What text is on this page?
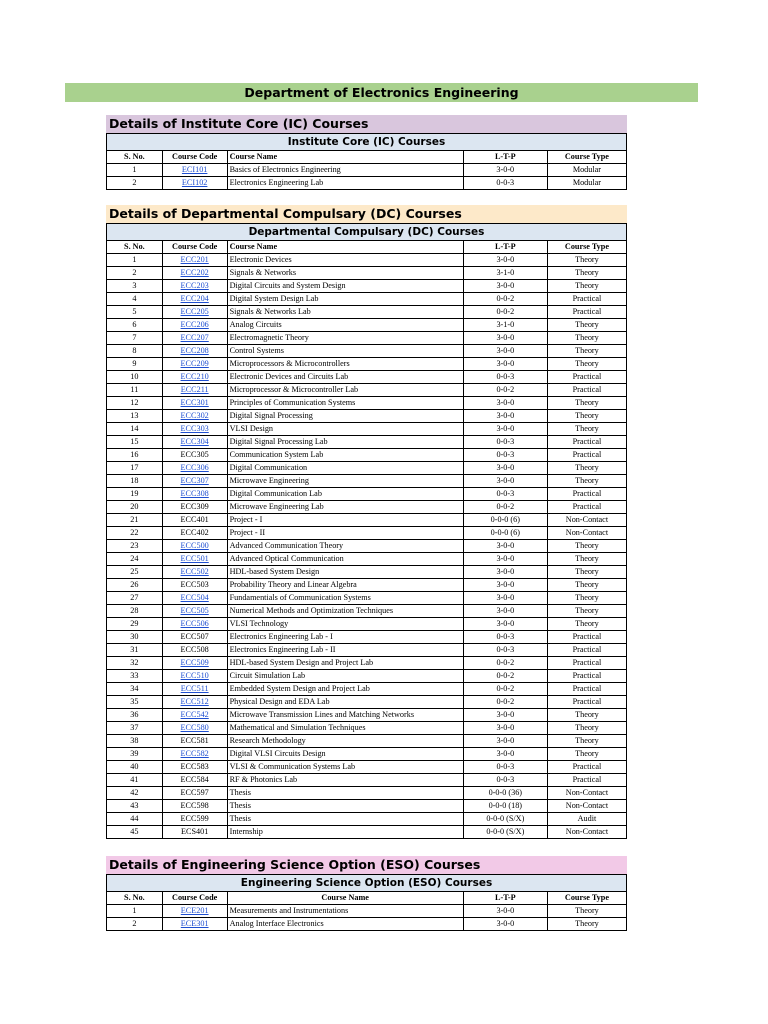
Department of Electronics Engineering
Details of Institute Core (IC) Courses
Institute Core (IC) Courses				
S. No.	Course Code	Course Name	L-T-P	Course Type
1	ECI101	Basics of Electronics Engineering	3-0-0	Modular
2	ECI102	Electronics Engineering Lab	0-0-3	Modular
Details of Departmental Compulsary (DC) Courses
Departmental Compulsary (DC) Courses				
S. No.	Course Code	Course Name	L-T-P	Course Type
1	ECC201	Electronic Devices	3-0-0	Theory
2	ECC202	Signals & Networks	3-1-0	Theory
3	ECC203	Digital Circuits and System Design	3-0-0	Theory
4	ECC204	Digital System Design Lab	0-0-2	Practical
5	ECC205	Signals & Networks Lab	0-0-2	Practical
6	ECC206	Analog Circuits	3-1-0	Theory
7	ECC207	Electromagnetic Theory	3-0-0	Theory
8	ECC208	Control Systems	3-0-0	Theory
9	ECC209	Microprocessors & Microcontrollers	3-0-0	Theory
10	ECC210	Electronic Devices and Circuits Lab	0-0-3	Practical
11	ECC211	Microprocessor & Microcontroller Lab	0-0-2	Practical
12	ECC301	Principles of Communication Systems	3-0-0	Theory
13	ECC302	Digital Signal Processing	3-0-0	Theory
14	ECC303	VLSI Design	3-0-0	Theory
15	ECC304	Digital Signal Processing Lab	0-0-3	Practical
16	ECC305	Communication System Lab	0-0-3	Practical
17	ECC306	Digital Communication	3-0-0	Theory
18	ECC307	Microwave Engineering	3-0-0	Theory
19	ECC308	Digital Communication Lab	0-0-3	Practical
20	ECC309	Microwave Engineering Lab	0-0-2	Practical
21	ECC401	Project - I	0-0-0 (6)	Non-Contact
22	ECC402	Project - II	0-0-0 (6)	Non-Contact
23	ECC500	Advanced Communication Theory	3-0-0	Theory
24	ECC501	Advanced Optical Communication	3-0-0	Theory
25	ECC502	HDL-based System Design	3-0-0	Theory
26	ECC503	Probability Theory and Linear Algebra	3-0-0	Theory
27	ECC504	Fundamentials of Communication Systems	3-0-0	Theory
28	ECC505	Numerical Methods and Optimization Techniques	3-0-0	Theory
29	ECC506	VLSI Technology	3-0-0	Theory
30	ECC507	Electronics Engineering Lab - I	0-0-3	Practical
31	ECC508	Electronics Engineering Lab - II	0-0-3	Practical
32	ECC509	HDL-based System Design and Project Lab	0-0-2	Practical
33	ECC510	Circuit Simulation Lab	0-0-2	Practical
34	ECC511	Embedded System Design and Project Lab	0-0-2	Practical
35	ECC512	Physical Design and EDA Lab	0-0-2	Practical
36	ECC542	Microwave Transmission Lines and Matching Networks	3-0-0	Theory
37	ECC580	Mathematical and Simulation Techniques	3-0-0	Theory
38	ECC581	Research Methodology	3-0-0	Theory
39	ECC582	Digital VLSI Circuits Design	3-0-0	Theory
40	ECC583	VLSI & Communication Systems Lab	0-0-3	Practical
41	ECC584	RF & Photonics Lab	0-0-3	Practical
42	ECC597	Thesis	0-0-0 (36)	Non-Contact
43	ECC598	Thesis	0-0-0 (18)	Non-Contact
44	ECC599	Thesis	0-0-0 (S/X)	Audit
45	ECS401	Internship	0-0-0 (S/X)	Non-Contact
Details of Engineering Science Option (ESO) Courses
Engineering Science Option (ESO) Courses				
S. No.	Course Code	Course Name	L-T-P	Course Type
1	ECE201	Measurements and Instrumentations	3-0-0	Theory
2	ECE301	Analog Interface Electronics	3-0-0	Theory
